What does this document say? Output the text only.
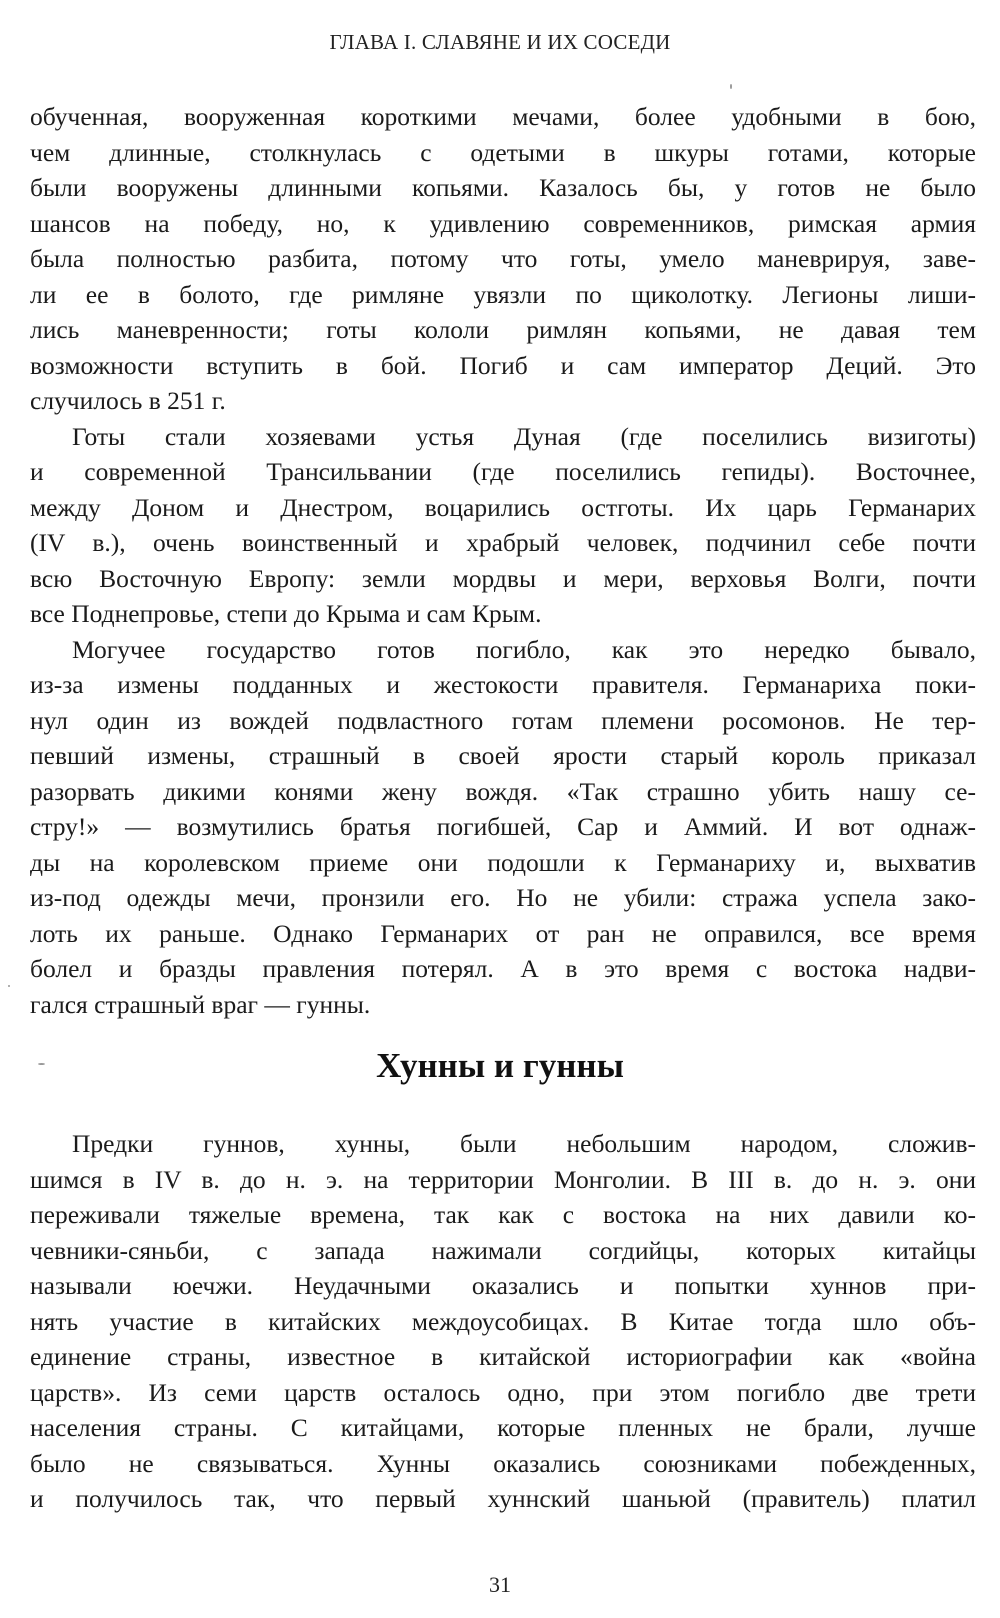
ГЛАВА I. СЛАВЯНЕ И ИХ СОСЕДИ
обученная, вооруженная короткими мечами, более удобными в бою,
чем длинные, столкнулась с одетыми в шкуры готами, которые
были вооружены длинными копьями. Казалось бы, у готов не было
шансов на победу, но, к удивлению современников, римская армия
была полностью разбита, потому что готы, умело маневрируя, заве-
ли ее в болото, где римляне увязли по щиколотку. Легионы лиши-
лись маневренности; готы кололи римлян копьями, не давая тем
возможности вступить в бой. Погиб и сам император Деций. Это
случилось в 251 г.
Готы стали хозяевами устья Дуная (где поселились визиготы)
и современной Трансильвании (где поселились гепиды). Восточнее,
между Доном и Днестром, воцарились остготы. Их царь Германарих
(IV в.), очень воинственный и храбрый человек, подчинил себе почти
всю Восточную Европу: земли мордвы и мери, верховья Волги, почти
все Поднепровье, степи до Крыма и сам Крым.
Могучее государство готов погибло, как это нередко бывало,
из-за измены подданных и жестокости правителя. Германариха поки-
нул один из вождей подвластного готам племени росомонов. Не тер-
певший измены, страшный в своей ярости старый король приказал
разорвать дикими конями жену вождя. «Так страшно убить нашу се-
стру!» — возмутились братья погибшей, Сар и Аммий. И вот однаж-
ды на королевском приеме они подошли к Германариху и, выхватив
из-под одежды мечи, пронзили его. Но не убили: стража успела зако-
лоть их раньше. Однако Германарих от ран не оправился, все время
болел и бразды правления потерял. А в это время с востока надви-
гался страшный враг — гунны.
Хунны и гунны
Предки гуннов, хунны, были небольшим народом, сложив-
шимся в IV в. до н. э. на территории Монголии. В III в. до н. э. они
переживали тяжелые времена, так как с востока на них давили ко-
чевники-сяньби, с запада нажимали согдийцы, которых китайцы
называли юечжи. Неудачными оказались и попытки хуннов при-
нять участие в китайских междоусобицах. В Китае тогда шло объ-
единение страны, известное в китайской историографии как «война
царств». Из семи царств осталось одно, при этом погибло две трети
населения страны. С китайцами, которые пленных не брали, лучше
было не связываться. Хунны оказались союзниками побежденных,
и получилось так, что первый хуннский шаньюй (правитель) платил
31
